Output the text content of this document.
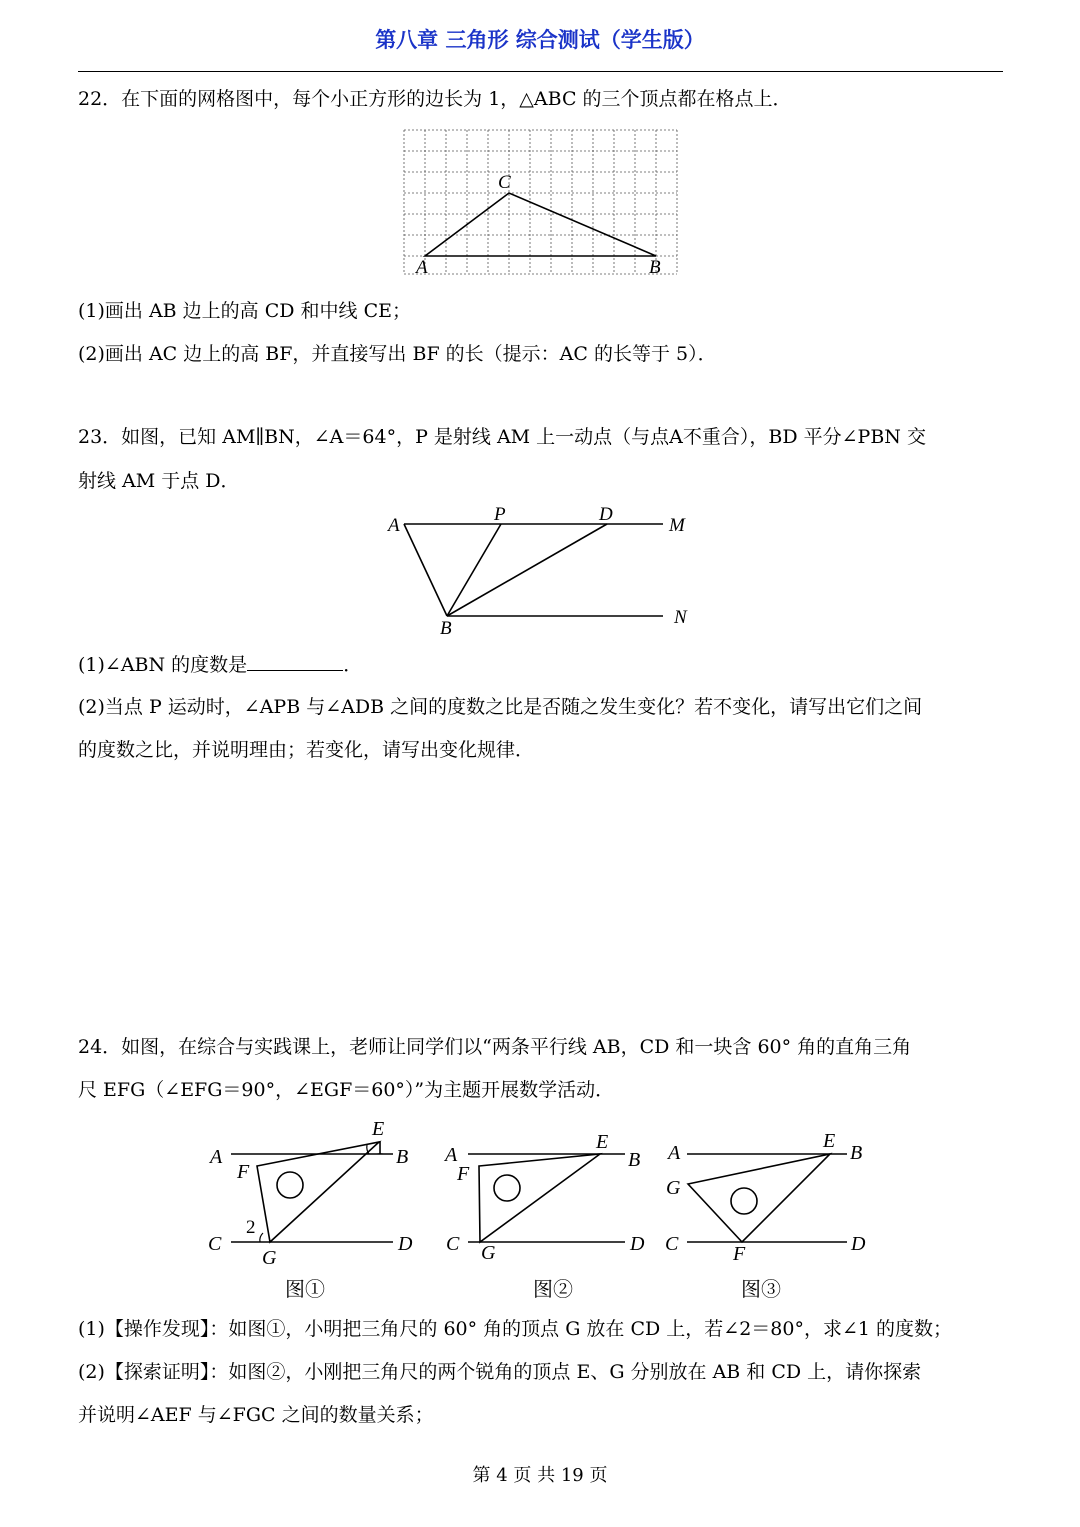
第八章 三角形 综合测试（学生版）
22．在下面的网格图中，每个小正方形的边长为 1，△ABC 的三个顶点都在格点上．
A	B
C
(1)画出 AB 边上的高 CD 和中线 CE；
(2)画出 AC 边上的高 BF，并直接写出 BF 的长（提示：AC 的长等于 5）．
23．如图，已知 AM∥BN，∠A＝64°，P 是射线 AM 上一动点（与点A不重合），BD 平分∠PBN 交
射线 AM 于点 D．
A
P	D
M
B
N
(1)∠ABN 的度数是	．
(2)当点 P 运动时，∠APB 与∠ADB 之间的度数之比是否随之发生变化？若不变化，请写出它们之间
的度数之比，并说明理由；若变化，请写出变化规律．
24．如图，在综合与实践课上，老师让同学们以“两条平行线 AB，CD 和一块含 60° 角的直角三角
尺 EFG（∠EFG＝90°，∠EGF＝60°）”为主题开展数学活动．
A	B
C	D
E
F
G
1
2
图①
A	B
C	D
E
F
G
图②
A	B
C	D
E
G
F
图③
(1)【操作发现】：如图①，小明把三角尺的 60° 角的顶点 G 放在 CD 上，若∠2＝80°，求∠1 的度数；
(2)【探索证明】：如图②，小刚把三角尺的两个锐角的顶点 E、G 分别放在 AB 和 CD 上，请你探索
并说明∠AEF 与∠FGC 之间的数量关系；
第 4 页 共 19 页
